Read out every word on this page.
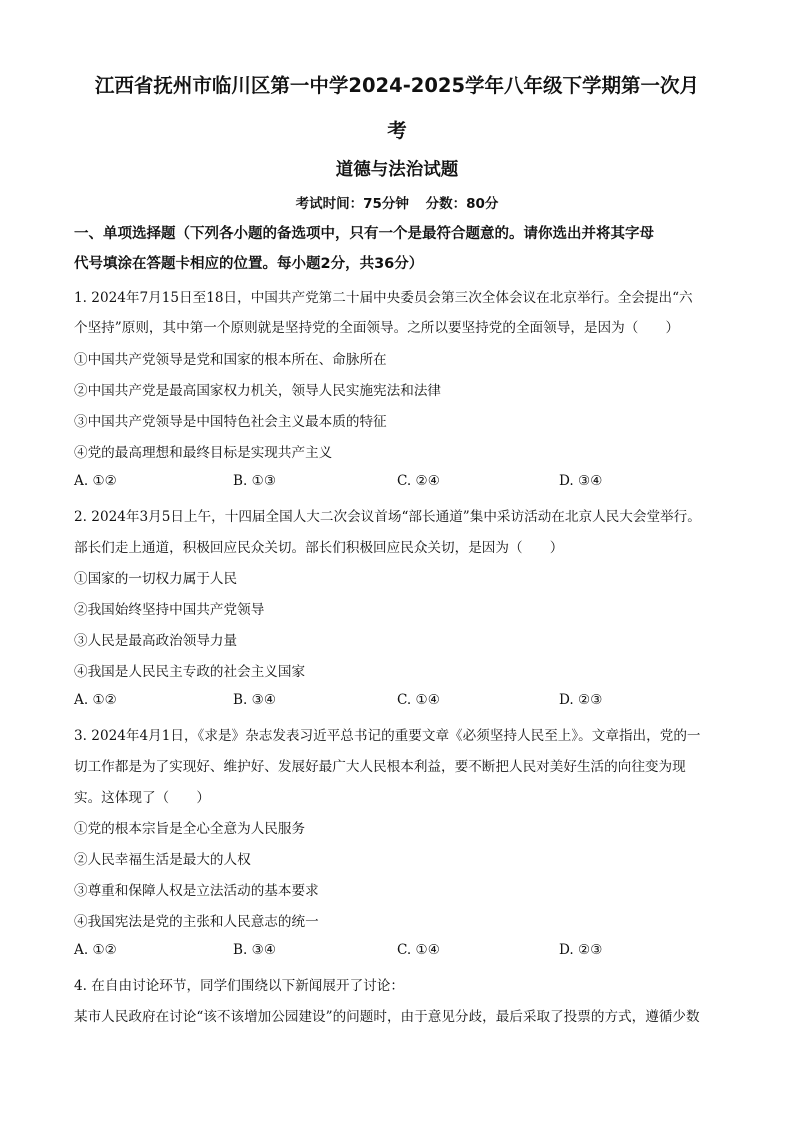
江西省抚州市临川区第一中学2024-2025学年八年级下学期第一次月
考
道德与法治试题
考试时间：75分钟 分数：80分
一、单项选择题（下列各小题的备选项中，只有一个是最符合题意的。请你选出并将其字母
代号填涂在答题卡相应的位置。每小题2分，共36分）
1. 2024年7月15日至18日，中国共产党第二十届中央委员会第三次全体会议在北京举行。全会提出“六
个坚持”原则，其中第一个原则就是坚持党的全面领导。之所以要坚持党的全面领导，是因为（　　）
①中国共产党领导是党和国家的根本所在、命脉所在
②中国共产党是最高国家权力机关，领导人民实施宪法和法律
③中国共产党领导是中国特色社会主义最本质的特征
④党的最高理想和最终目标是实现共产主义
A. ①②	B. ①③	C. ②④	D. ③④
2. 2024年3月5日上午，十四届全国人大二次会议首场“部长通道”集中采访活动在北京人民大会堂举行。
部长们走上通道，积极回应民众关切。部长们积极回应民众关切，是因为（　　）
①国家的一切权力属于人民
②我国始终坚持中国共产党领导
③人民是最高政治领导力量
④我国是人民民主专政的社会主义国家
A. ①②	B. ③④	C. ①④	D. ②③
3. 2024年4月1日，《求是》杂志发表习近平总书记的重要文章《必须坚持人民至上》。文章指出，党的一
切工作都是为了实现好、维护好、发展好最广大人民根本利益，要不断把人民对美好生活的向往变为现
实。这体现了（　　）
①党的根本宗旨是全心全意为人民服务
②人民幸福生活是最大的人权
③尊重和保障人权是立法活动的基本要求
④我国宪法是党的主张和人民意志的统一
A. ①②	B. ③④	C. ①④	D. ②③
4. 在自由讨论环节，同学们围绕以下新闻展开了讨论：
某市人民政府在讨论“该不该增加公园建设”的问题时，由于意见分歧，最后采取了投票的方式，遵循少数
